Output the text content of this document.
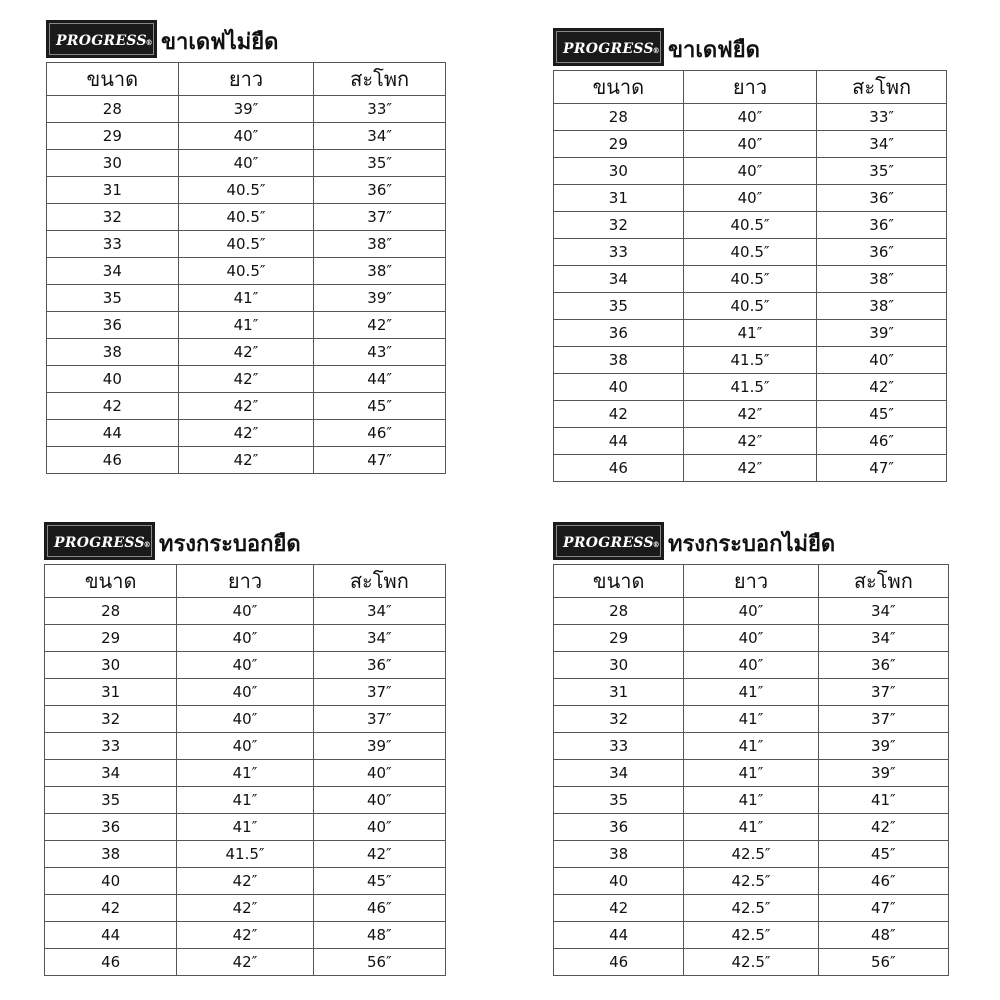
PROGRESS
® ขาเดฟไม่ยืด
ขนาด	ยาว	สะโพก
28	39″	33″
29	40″	34″
30	40″	35″
31	40.5″	36″
32	40.5″	37″
33	40.5″	38″
34	40.5″	38″
35	41″	39″
36	41″	42″
38	42″	43″
40	42″	44″
42	42″	45″
44	42″	46″
46	42″	47″
PROGRESS
® ขาเดฟยืด
ขนาด	ยาว	สะโพก
28	40″	33″
29	40″	34″
30	40″	35″
31	40″	36″
32	40.5″	36″
33	40.5″	36″
34	40.5″	38″
35	40.5″	38″
36	41″	39″
38	41.5″	40″
40	41.5″	42″
42	42″	45″
44	42″	46″
46	42″	47″
PROGRESS
® ทรงกระบอกยืด
ขนาด	ยาว	สะโพก
28	40″	34″
29	40″	34″
30	40″	36″
31	40″	37″
32	40″	37″
33	40″	39″
34	41″	40″
35	41″	40″
36	41″	40″
38	41.5″	42″
40	42″	45″
42	42″	46″
44	42″	48″
46	42″	56″
PROGRESS
® ทรงกระบอกไม่ยืด
ขนาด	ยาว	สะโพก
28	40″	34″
29	40″	34″
30	40″	36″
31	41″	37″
32	41″	37″
33	41″	39″
34	41″	39″
35	41″	41″
36	41″	42″
38	42.5″	45″
40	42.5″	46″
42	42.5″	47″
44	42.5″	48″
46	42.5″	56″
